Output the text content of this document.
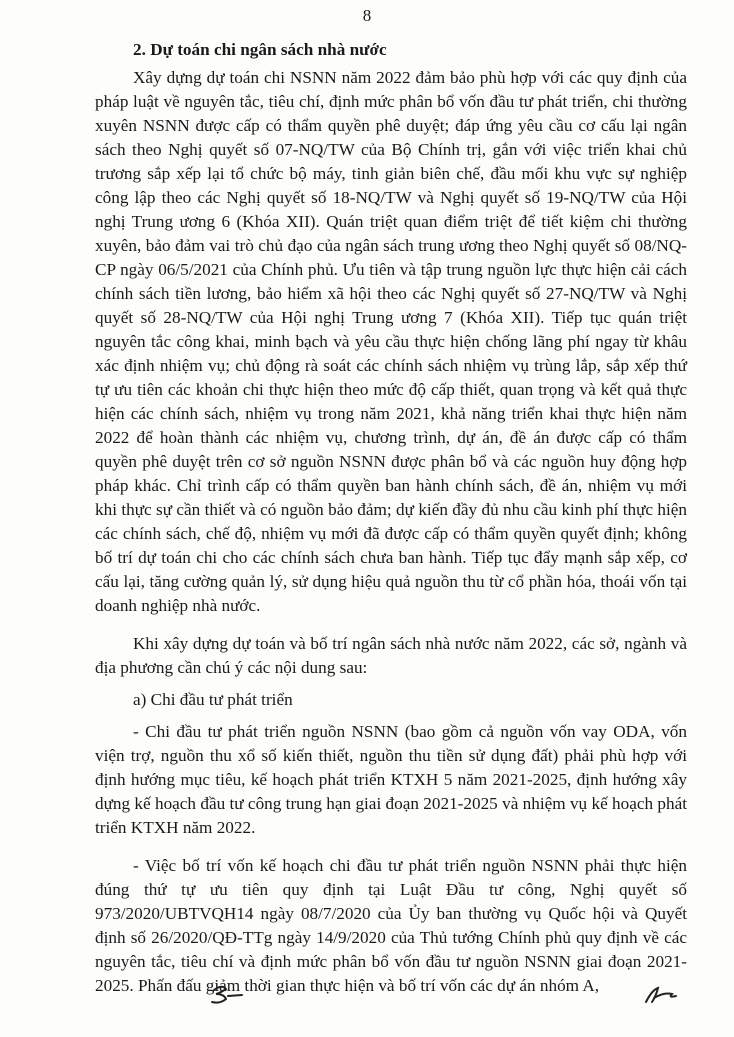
8
2. Dự toán chi ngân sách nhà nước

Xây dựng dự toán chi NSNN năm 2022 đảm bảo phù hợp với các quy định của pháp luật về nguyên tắc, tiêu chí, định mức phân bổ vốn đầu tư phát triển, chi thường xuyên NSNN được cấp có thẩm quyền phê duyệt; đáp ứng yêu cầu cơ cấu lại ngân sách theo Nghị quyết số 07-NQ/TW của Bộ Chính trị, gắn với việc triển khai chủ trương sắp xếp lại tổ chức bộ máy, tinh giản biên chế, đầu mối khu vực sự nghiệp công lập theo các Nghị quyết số 18-NQ/TW và Nghị quyết số 19-NQ/TW của Hội nghị Trung ương 6 (Khóa XII). Quán triệt quan điểm triệt để tiết kiệm chi thường xuyên, bảo đảm vai trò chủ đạo của ngân sách trung ương theo Nghị quyết số 08/NQ-CP ngày 06/5/2021 của Chính phủ. Ưu tiên và tập trung nguồn lực thực hiện cải cách chính sách tiền lương, bảo hiểm xã hội theo các Nghị quyết số 27-NQ/TW và Nghị quyết số 28-NQ/TW của Hội nghị Trung ương 7 (Khóa XII). Tiếp tục quán triệt nguyên tắc công khai, minh bạch và yêu cầu thực hiện chống lãng phí ngay từ khâu xác định nhiệm vụ; chủ động rà soát các chính sách nhiệm vụ trùng lắp, sắp xếp thứ tự ưu tiên các khoản chi thực hiện theo mức độ cấp thiết, quan trọng và kết quả thực hiện các chính sách, nhiệm vụ trong năm 2021, khả năng triển khai thực hiện năm 2022 để hoàn thành các nhiệm vụ, chương trình, dự án, đề án được cấp có thẩm quyền phê duyệt trên cơ sở nguồn NSNN được phân bổ và các nguồn huy động hợp pháp khác. Chỉ trình cấp có thẩm quyền ban hành chính sách, đề án, nhiệm vụ mới khi thực sự cần thiết và có nguồn bảo đảm; dự kiến đầy đủ nhu cầu kinh phí thực hiện các chính sách, chế độ, nhiệm vụ mới đã được cấp có thẩm quyền quyết định; không bố trí dự toán chi cho các chính sách chưa ban hành. Tiếp tục đẩy mạnh sắp xếp, cơ cấu lại, tăng cường quản lý, sử dụng hiệu quả nguồn thu từ cổ phần hóa, thoái vốn tại doanh nghiệp nhà nước.

Khi xây dựng dự toán và bố trí ngân sách nhà nước năm 2022, các sở, ngành và địa phương cần chú ý các nội dung sau:

a) Chi đầu tư phát triển

- Chi đầu tư phát triển nguồn NSNN (bao gồm cả nguồn vốn vay ODA, vốn viện trợ, nguồn thu xổ số kiến thiết, nguồn thu tiền sử dụng đất) phải phù hợp với định hướng mục tiêu, kế hoạch phát triển KTXH 5 năm 2021-2025, định hướng xây dựng kế hoạch đầu tư công trung hạn giai đoạn 2021-2025 và nhiệm vụ kế hoạch phát triển KTXH năm 2022.

- Việc bố trí vốn kế hoạch chi đầu tư phát triển nguồn NSNN phải thực hiện đúng thứ tự ưu tiên quy định tại Luật Đầu tư công, Nghị quyết số 973/2020/UBTVQH14 ngày 08/7/2020 của Ủy ban thường vụ Quốc hội và Quyết định số 26/2020/QĐ-TTg ngày 14/9/2020 của Thủ tướng Chính phủ quy định về các nguyên tắc, tiêu chí và định mức phân bổ vốn đầu tư nguồn NSNN giai đoạn 2021-2025. Phấn đấu giảm thời gian thực hiện và bố trí vốn các dự án nhóm A,
